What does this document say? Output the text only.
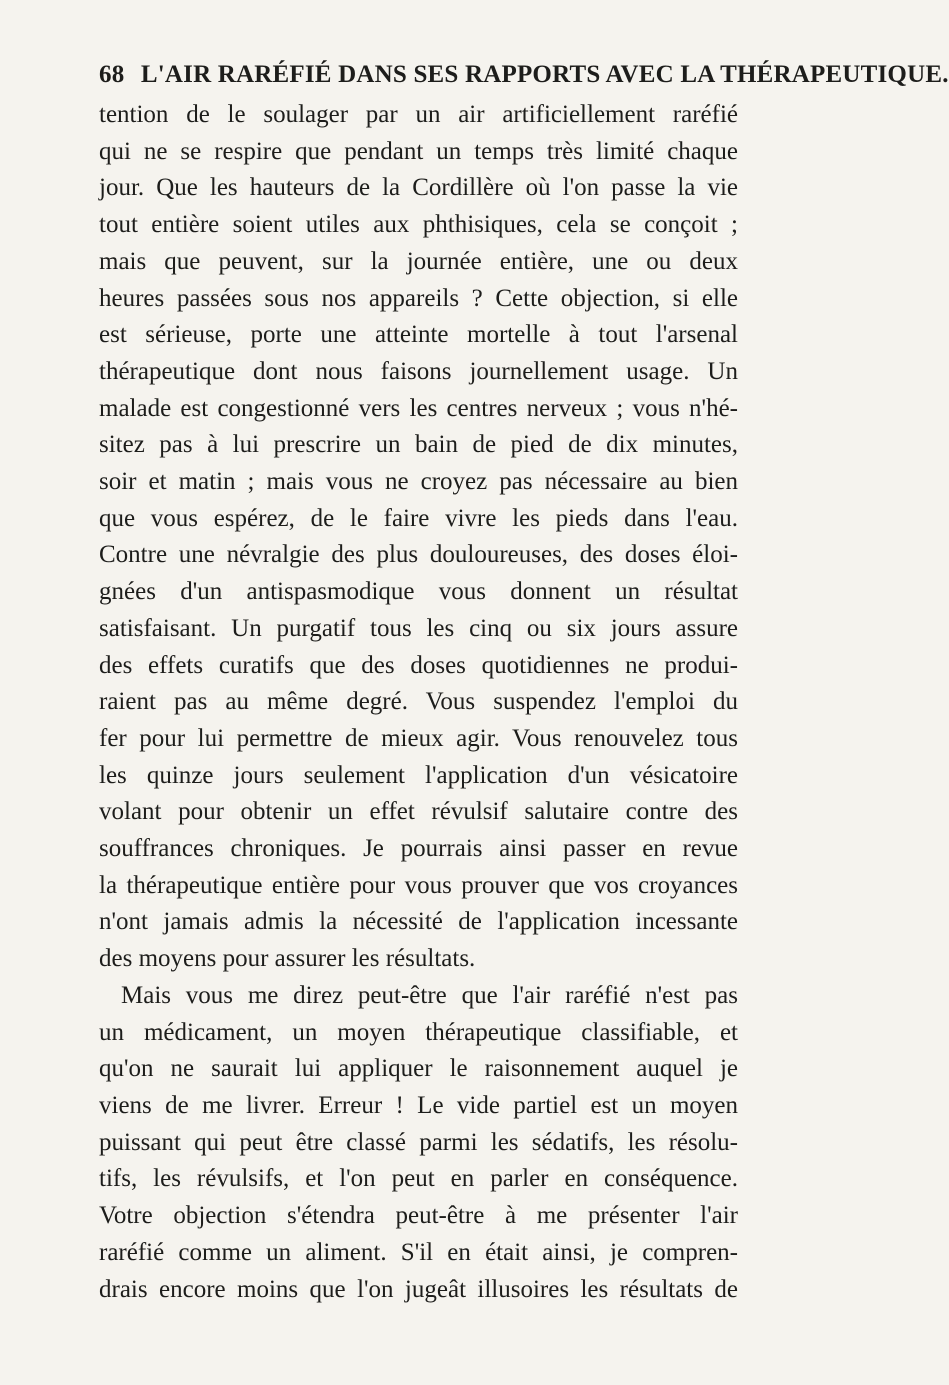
68 L'AIR RARÉFIÉ DANS SES RAPPORTS AVEC LA THÉRAPEUTIQUE.
tention de le soulager par un air artificiellement raréfié
qui ne se respire que pendant un temps très limité chaque
jour. Que les hauteurs de la Cordillère où l'on passe la vie
tout entière soient utiles aux phthisiques, cela se conçoit ;
mais que peuvent, sur la journée entière, une ou deux
heures passées sous nos appareils ? Cette objection, si elle
est sérieuse, porte une atteinte mortelle à tout l'arsenal
thérapeutique dont nous faisons journellement usage. Un
malade est congestionné vers les centres nerveux ; vous n'hé-
sitez pas à lui prescrire un bain de pied de dix minutes,
soir et matin ; mais vous ne croyez pas nécessaire au bien
que vous espérez, de le faire vivre les pieds dans l'eau.
Contre une névralgie des plus douloureuses, des doses éloi-
gnées d'un antispasmodique vous donnent un résultat
satisfaisant. Un purgatif tous les cinq ou six jours assure
des effets curatifs que des doses quotidiennes ne produi-
raient pas au même degré. Vous suspendez l'emploi du
fer pour lui permettre de mieux agir. Vous renouvelez tous
les quinze jours seulement l'application d'un vésicatoire
volant pour obtenir un effet révulsif salutaire contre des
souffrances chroniques. Je pourrais ainsi passer en revue
la thérapeutique entière pour vous prouver que vos croyances
n'ont jamais admis la nécessité de l'application incessante
des moyens pour assurer les résultats.
Mais vous me direz peut-être que l'air raréfié n'est pas
un médicament, un moyen thérapeutique classifiable, et
qu'on ne saurait lui appliquer le raisonnement auquel je
viens de me livrer. Erreur ! Le vide partiel est un moyen
puissant qui peut être classé parmi les sédatifs, les résolu-
tifs, les révulsifs, et l'on peut en parler en conséquence.
Votre objection s'étendra peut-être à me présenter l'air
raréfié comme un aliment. S'il en était ainsi, je compren-
drais encore moins que l'on jugeât illusoires les résultats de
